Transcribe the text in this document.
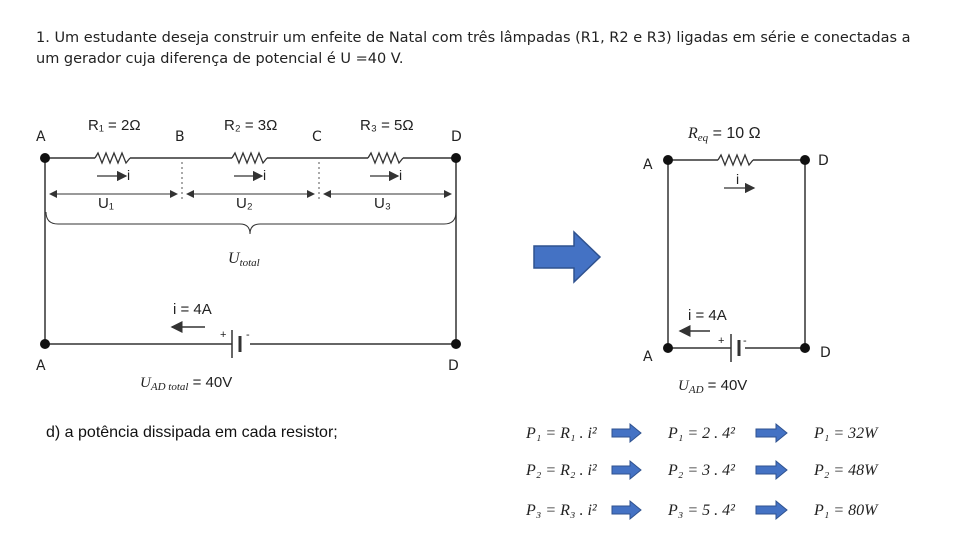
1. Um estudante deseja construir um enfeite de Natal com três lâmpadas (R1, R2 e R3) ligadas em série e conectadas a um gerador cuja diferença de potencial é U =40 V.
A	B	C	D
A	D
R₁ = 2Ω	R₂ = 3Ω	R₃ = 5Ω
i	i	i
U₁	U₂	U₃
Utotal
i = 4A
+ -
$U_{AD total} = 40V$
Req = 10 Ω
A	D
A	D
i
i = 4A
+ -
$U_{AD} = 40V$
P₁ = R₁ . i²	P₁ = 2 . 4²	P₁ = 32W
P₂ = R₂ . i²	P₂ = 3 . 4²	P₂ = 48W
P₃ = R₃ . i²	P₃ = 5 . 4²	P₁ = 80W
d) a potência dissipada em cada resistor;
